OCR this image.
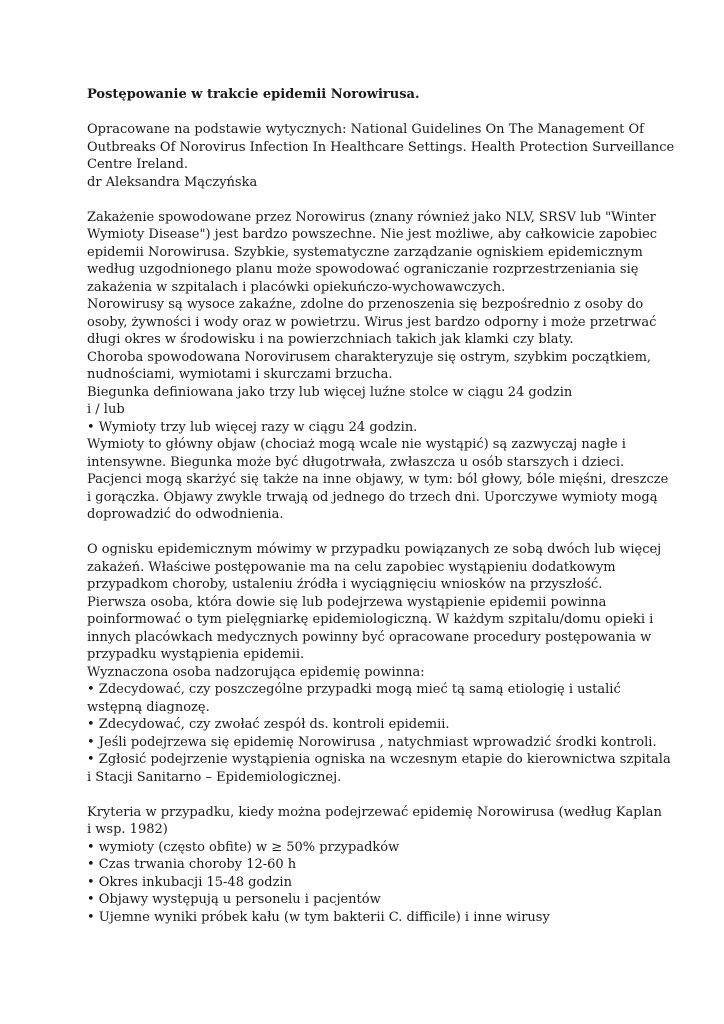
Postępowanie w trakcie epidemii Norowirusa.
Opracowane na podstawie wytycznych: National Guidelines On The Management Of
Outbreaks Of Norovirus Infection In Healthcare Settings. Health Protection Surveillance
Centre Ireland.
dr Aleksandra Mączyńska
Zakażenie spowodowane przez Norowirus (znany również jako NLV, SRSV lub "Winter
Wymioty Disease") jest bardzo powszechne. Nie jest możliwe, aby całkowicie zapobiec
epidemii Norowirusa. Szybkie, systematyczne zarządzanie ogniskiem epidemicznym
według uzgodnionego planu może spowodować ograniczanie rozprzestrzeniania się
zakażenia w szpitalach i placówki opiekuńczo-wychowawczych.
Norowirusy są wysoce zakaźne, zdolne do przenoszenia się bezpośrednio z osoby do
osoby, żywności i wody oraz w powietrzu. Wirus jest bardzo odporny i może przetrwać
długi okres w środowisku i na powierzchniach takich jak klamki czy blaty.
Choroba spowodowana Norovirusem charakteryzuje się ostrym, szybkim początkiem,
nudnościami, wymiotami i skurczami brzucha.
Biegunka definiowana jako trzy lub więcej luźne stolce w ciągu 24 godzin
i / lub
• Wymioty trzy lub więcej razy w ciągu 24 godzin.
Wymioty to główny objaw (chociaż mogą wcale nie wystąpić) są zazwyczaj nagłe i
intensywne. Biegunka może być długotrwała, zwłaszcza u osób starszych i dzieci.
Pacjenci mogą skarżyć się także na inne objawy, w tym: ból głowy, bóle mięśni, dreszcze
i gorączka. Objawy zwykle trwają od jednego do trzech dni. Uporczywe wymioty mogą
doprowadzić do odwodnienia.
O ognisku epidemicznym mówimy w przypadku powiązanych ze sobą dwóch lub więcej
zakażeń. Właściwe postępowanie ma na celu zapobiec wystąpieniu dodatkowym
przypadkom choroby, ustaleniu źródła i wyciągnięciu wniosków na przyszłość.
Pierwsza osoba, która dowie się lub podejrzewa wystąpienie epidemii powinna
poinformować o tym pielęgniarkę epidemiologiczną. W każdym szpitalu/domu opieki i
innych placówkach medycznych powinny być opracowane procedury postępowania w
przypadku wystąpienia epidemii.
Wyznaczona osoba nadzorująca epidemię powinna:
• Zdecydować, czy poszczególne przypadki mogą mieć tą samą etiologię i ustalić
wstępną diagnozę.
• Zdecydować, czy zwołać zespół ds. kontroli epidemii.
• Jeśli podejrzewa się epidemię Norowirusa , natychmiast wprowadzić środki kontroli.
• Zgłosić podejrzenie wystąpienia ogniska na wczesnym etapie do kierownictwa szpitala
i Stacji Sanitarno – Epidemiologicznej.
Kryteria w przypadku, kiedy można podejrzewać epidemię Norowirusa (według Kaplan
i wsp. 1982)
• wymioty (często obfite) w ≥ 50% przypadków
• Czas trwania choroby 12-60 h
• Okres inkubacji 15-48 godzin
• Objawy występują u personelu i pacjentów
• Ujemne wyniki próbek kału (w tym bakterii C. difficile) i inne wirusy
